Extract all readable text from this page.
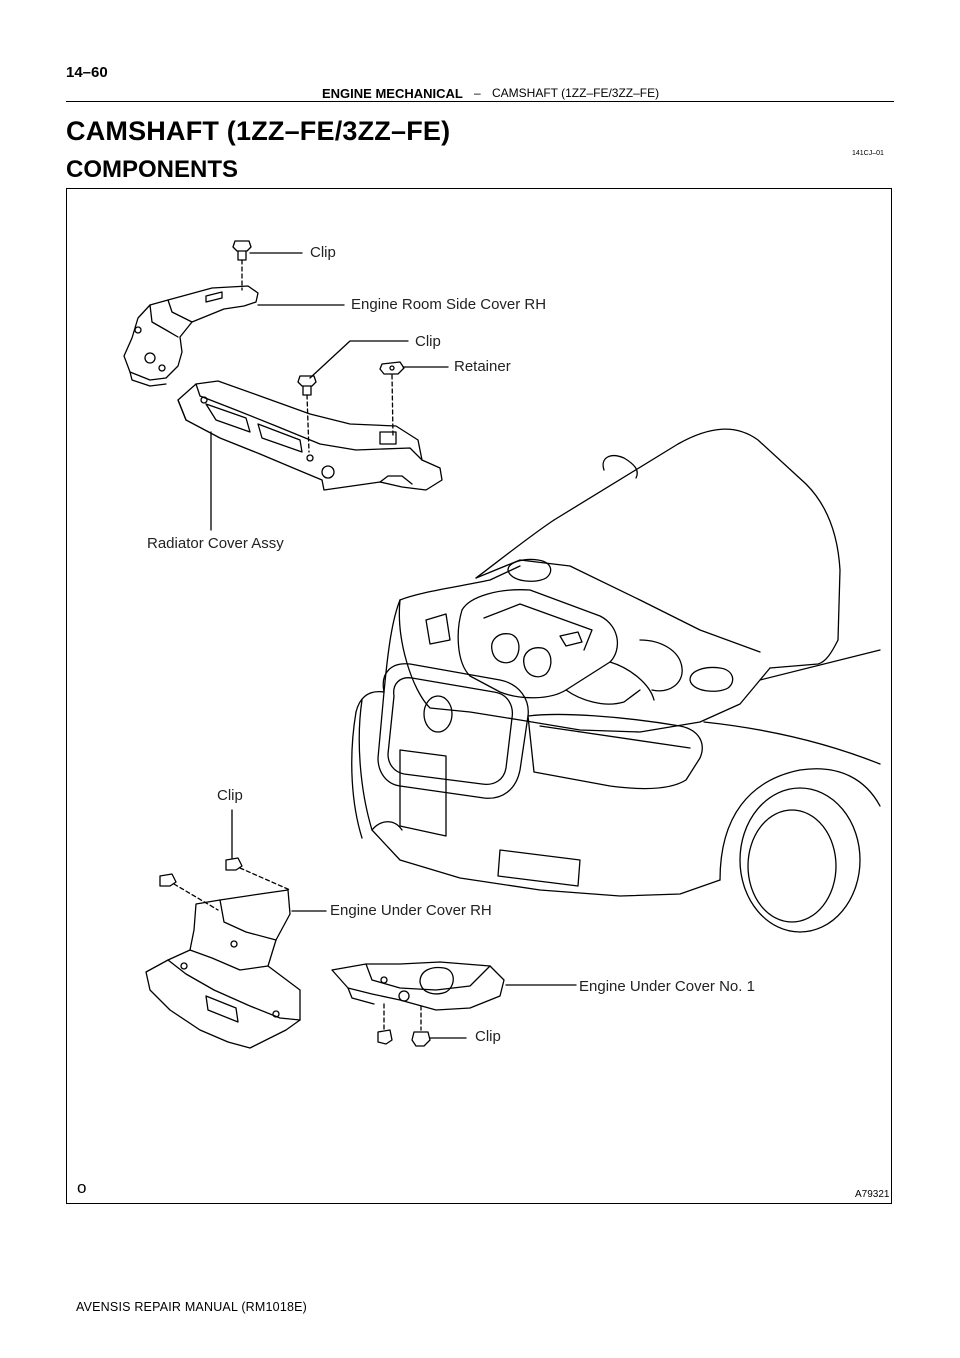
14–60
ENGINE MECHANICAL – CAMSHAFT (1ZZ–FE/3ZZ–FE)
CAMSHAFT (1ZZ–FE/3ZZ–FE)
COMPONENTS
141CJ–01
Clip
Engine Room Side Cover RH
Clip
Retainer
Radiator Cover Assy
Clip
Engine Under Cover RH
Engine Under Cover No. 1
Clip
o	A79321
AVENSIS REPAIR MANUAL (RM1018E)
